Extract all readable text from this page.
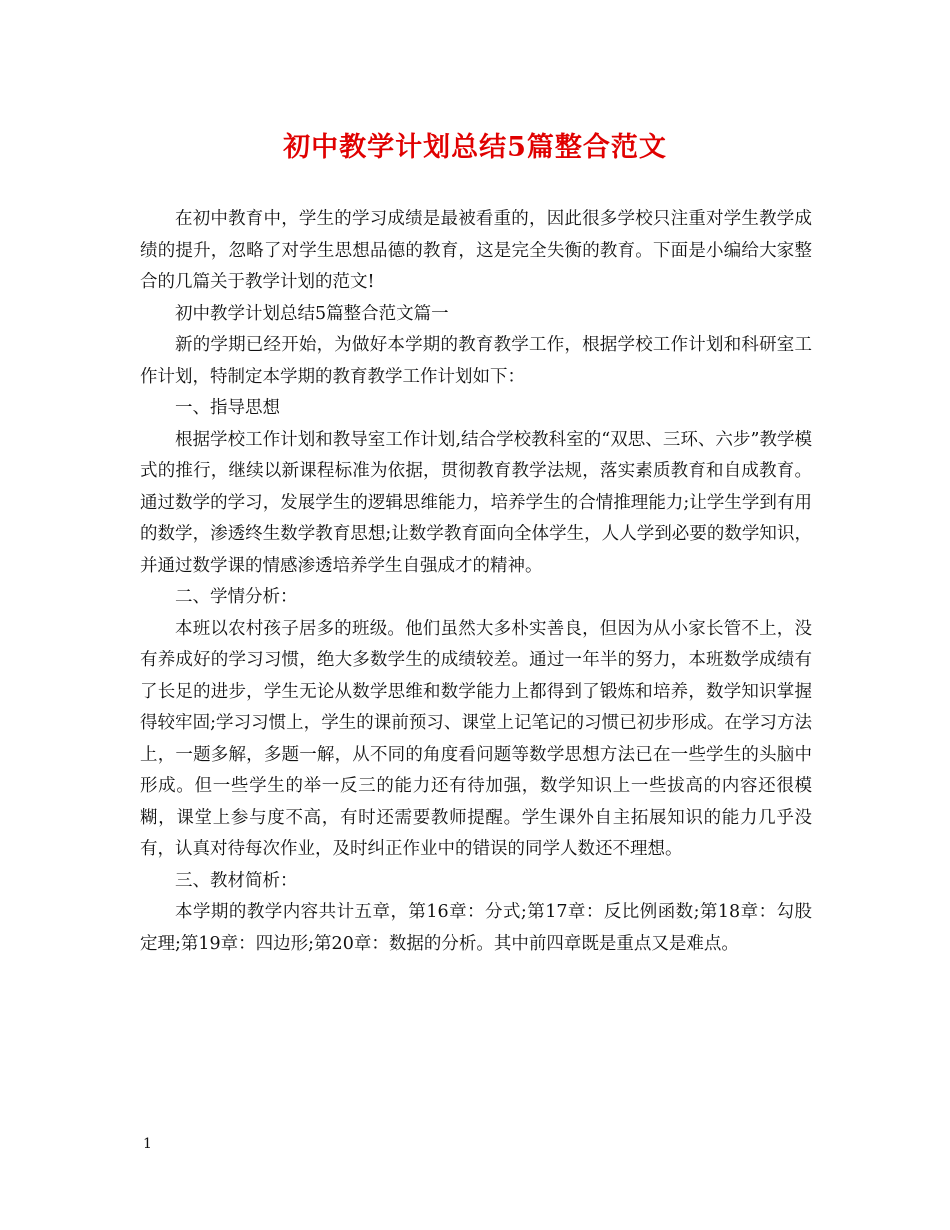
初中教学计划总结5篇整合范文

在初中教育中，学生的学习成绩是最被看重的，因此很多学校只注重对学生教学成绩的提升，忽略了对学生思想品德的教育，这是完全失衡的教育。下面是小编给大家整合的几篇关于教学计划的范文!

初中教学计划总结5篇整合范文篇一

新的学期已经开始，为做好本学期的教育教学工作，根据学校工作计划和科研室工作计划，特制定本学期的教育教学工作计划如下：

一、指导思想

根据学校工作计划和教导室工作计划,结合学校教科室的“双思、三环、六步”教学模式的推行，继续以新课程标准为依据，贯彻教育教学法规，落实素质教育和自成教育。通过数学的学习，发展学生的逻辑思维能力，培养学生的合情推理能力;让学生学到有用的数学，渗透终生数学教育思想;让数学教育面向全体学生，人人学到必要的数学知识，并通过数学课的情感渗透培养学生自强成才的精神。

二、学情分析：

本班以农村孩子居多的班级。他们虽然大多朴实善良，但因为从小家长管不上，没有养成好的学习习惯，绝大多数学生的成绩较差。通过一年半的努力，本班数学成绩有了长足的进步，学生无论从数学思维和数学能力上都得到了锻炼和培养，数学知识掌握得较牢固;学习习惯上，学生的课前预习、课堂上记笔记的习惯已初步形成。在学习方法上，一题多解，多题一解，从不同的角度看问题等数学思想方法已在一些学生的头脑中形成。但一些学生的举一反三的能力还有待加强，数学知识上一些拔高的内容还很模糊，课堂上参与度不高，有时还需要教师提醒。学生课外自主拓展知识的能力几乎没有，认真对待每次作业，及时纠正作业中的错误的同学人数还不理想。

三、教材简析：

本学期的教学内容共计五章，第16章：分式;第17章：反比例函数;第18章：勾股定理;第19章：四边形;第20章：数据的分析。其中前四章既是重点又是难点。

1
